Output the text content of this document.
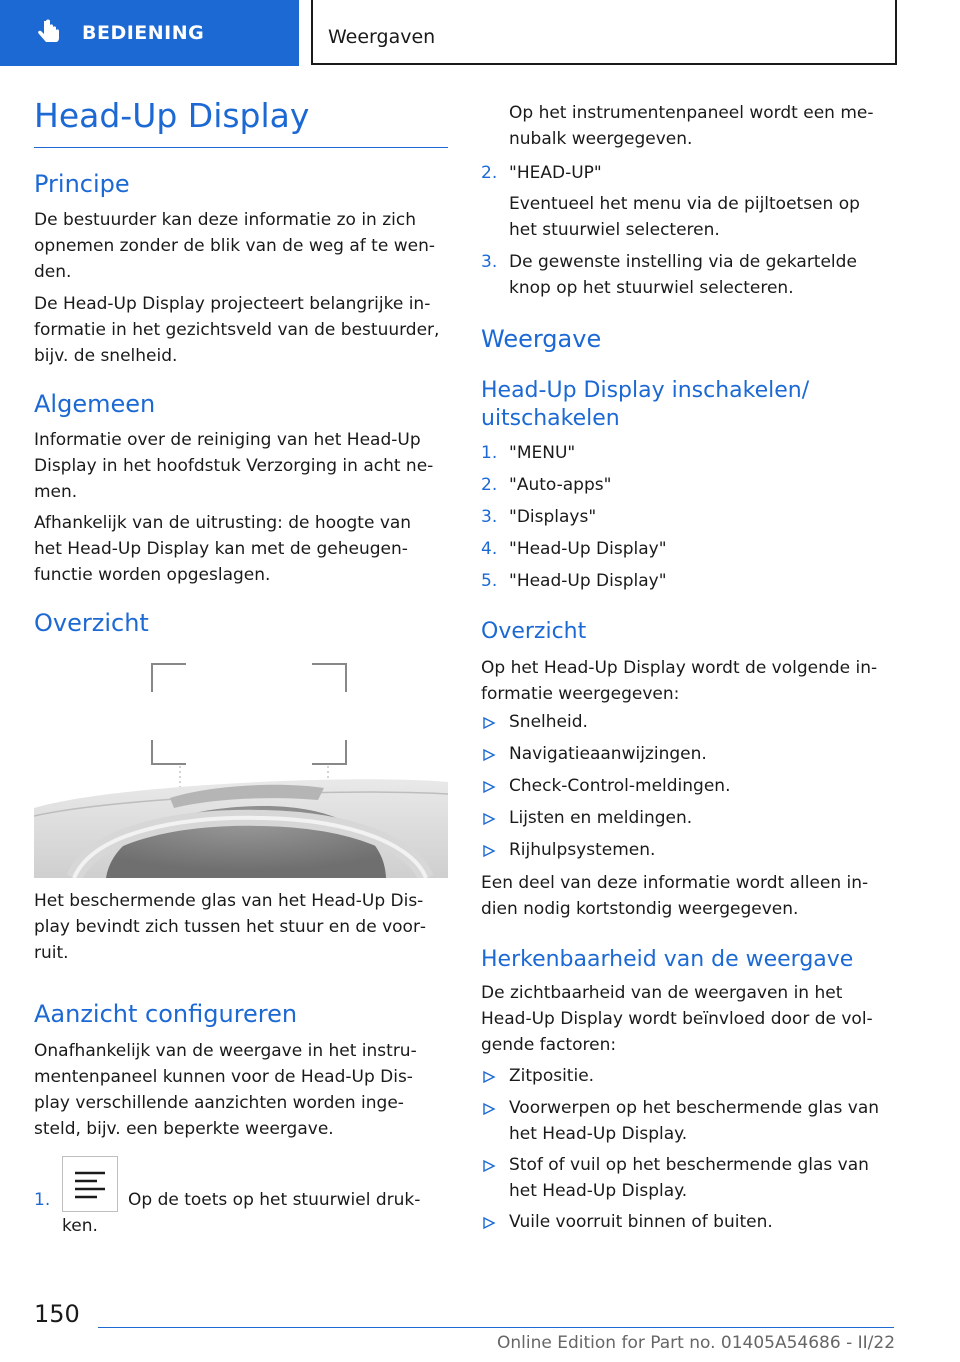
BEDIENING	Weergaven
Head-Up Display
Principe

De bestuurder kan deze informatie zo in zich
opnemen zonder de blik van de weg af te wen‐
den.

De Head-Up Display projecteert belangrijke in‐
formatie in het gezichtsveld van de bestuurder,
bijv. de snelheid.

Algemeen

Informatie over de reiniging van het Head-Up
Display in het hoofdstuk Verzorging in acht ne‐
men.

Afhankelijk van de uitrusting: de hoogte van
het Head-Up Display kan met de geheugen‐
functie worden opgeslagen.

Overzicht

Het beschermende glas van het Head-Up Dis‐
play bevindt zich tussen het stuur en de voor‐
ruit.

Aanzicht configureren

Onafhankelijk van de weergave in het instru‐
mentenpaneel kunnen voor de Head-Up Dis‐
play verschillende aanzichten worden inge‐
steld, bijv. een beperkte weergave.

1.	Op de toets op het stuurwiel druk‐
ken.

Op het instrumentenpaneel wordt een me‐
nubalk weergegeven.

2. "HEAD-UP"

Eventueel het menu via de pijltoetsen op
het stuurwiel selecteren.

3. De gewenste instelling via de gekartelde
knop op het stuurwiel selecteren.

Weergave
Head-Up Display inschakelen/
uitschakelen
1. "MENU"
2. "Auto-apps"
3. "Displays"
4. "Head-Up Display"
5. "Head-Up Display"
Overzicht

Op het Head-Up Display wordt de volgende in‐
formatie weergegeven:

Snelheid.
Navigatieaanwijzingen.
Check-Control-meldingen.
Lijsten en meldingen.
Rijhulpsystemen.

Een deel van deze informatie wordt alleen in‐
dien nodig kortstondig weergegeven.

Herkenbaarheid van de weergave

De zichtbaarheid van de weergaven in het
Head-Up Display wordt beïnvloed door de vol‐
gende factoren:

Zitpositie.

Voorwerpen op het beschermende glas van
het Head-Up Display.

Stof of vuil op het beschermende glas van
het Head-Up Display.

Vuile voorruit binnen of buiten.
150
Online Edition for Part no. 01405A54686 - II/22
